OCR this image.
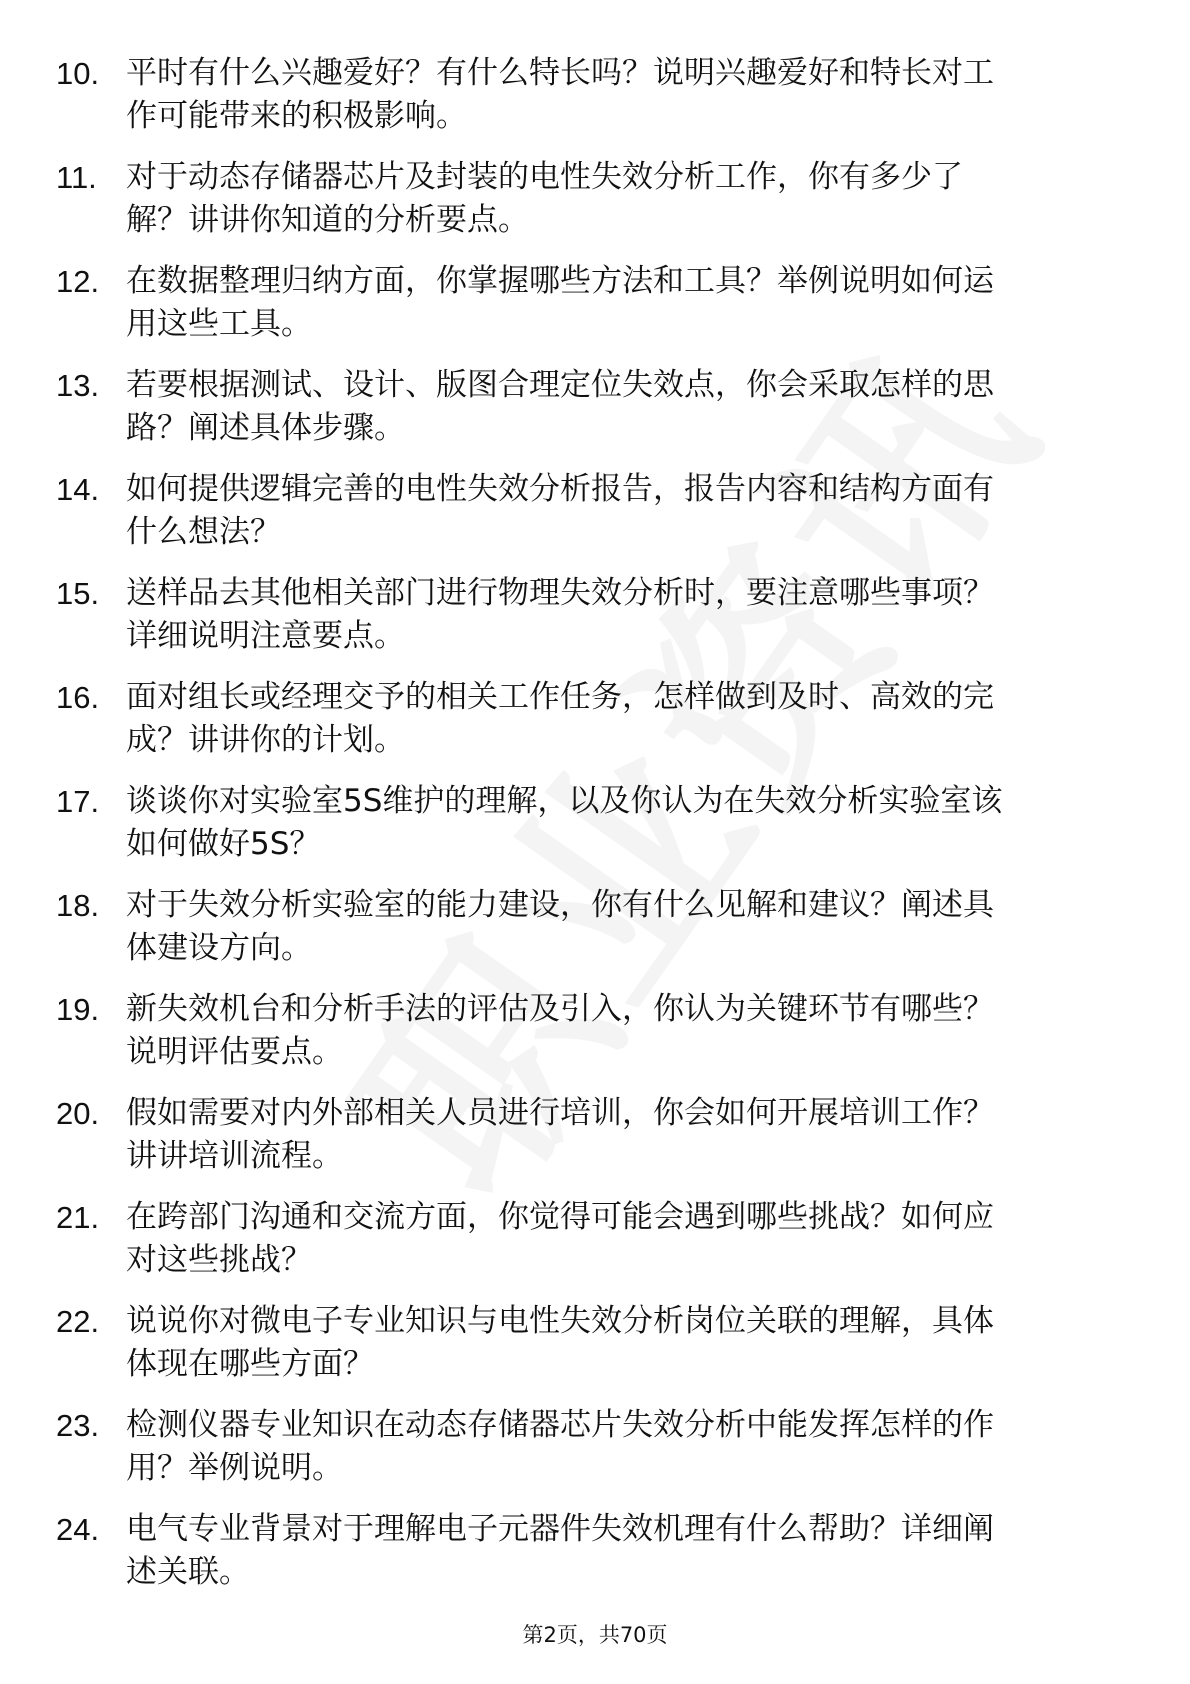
10. 平时有什么兴趣爱好？有什么特长吗？说明兴趣爱好和特长对工
作可能带来的积极影响。
11. 对于动态存储器芯片及封装的电性失效分析工作，你有多少了
解？讲讲你知道的分析要点。
12. 在数据整理归纳方面，你掌握哪些方法和工具？举例说明如何运
用这些工具。
13. 若要根据测试、设计、版图合理定位失效点，你会采取怎样的思
路？阐述具体步骤。
14. 如何提供逻辑完善的电性失效分析报告，报告内容和结构方面有
什么想法？
15. 送样品去其他相关部门进行物理失效分析时，要注意哪些事项？
详细说明注意要点。
16. 面对组长或经理交予的相关工作任务，怎样做到及时、高效的完
成？讲讲你的计划。
17. 谈谈你对实验室5S维护的理解，以及你认为在失效分析实验室该
如何做好5S？
18. 对于失效分析实验室的能力建设，你有什么见解和建议？阐述具
体建设方向。
19. 新失效机台和分析手法的评估及引入，你认为关键环节有哪些？
说明评估要点。
20. 假如需要对内外部相关人员进行培训，你会如何开展培训工作？
讲讲培训流程。
21. 在跨部门沟通和交流方面，你觉得可能会遇到哪些挑战？如何应
对这些挑战？
22. 说说你对微电子专业知识与电性失效分析岗位关联的理解，具体
体现在哪些方面？
23. 检测仪器专业知识在动态存储器芯片失效分析中能发挥怎样的作
用？举例说明。
24. 电气专业背景对于理解电子元器件失效机理有什么帮助？详细阐
述关联。
第2页，共70页
